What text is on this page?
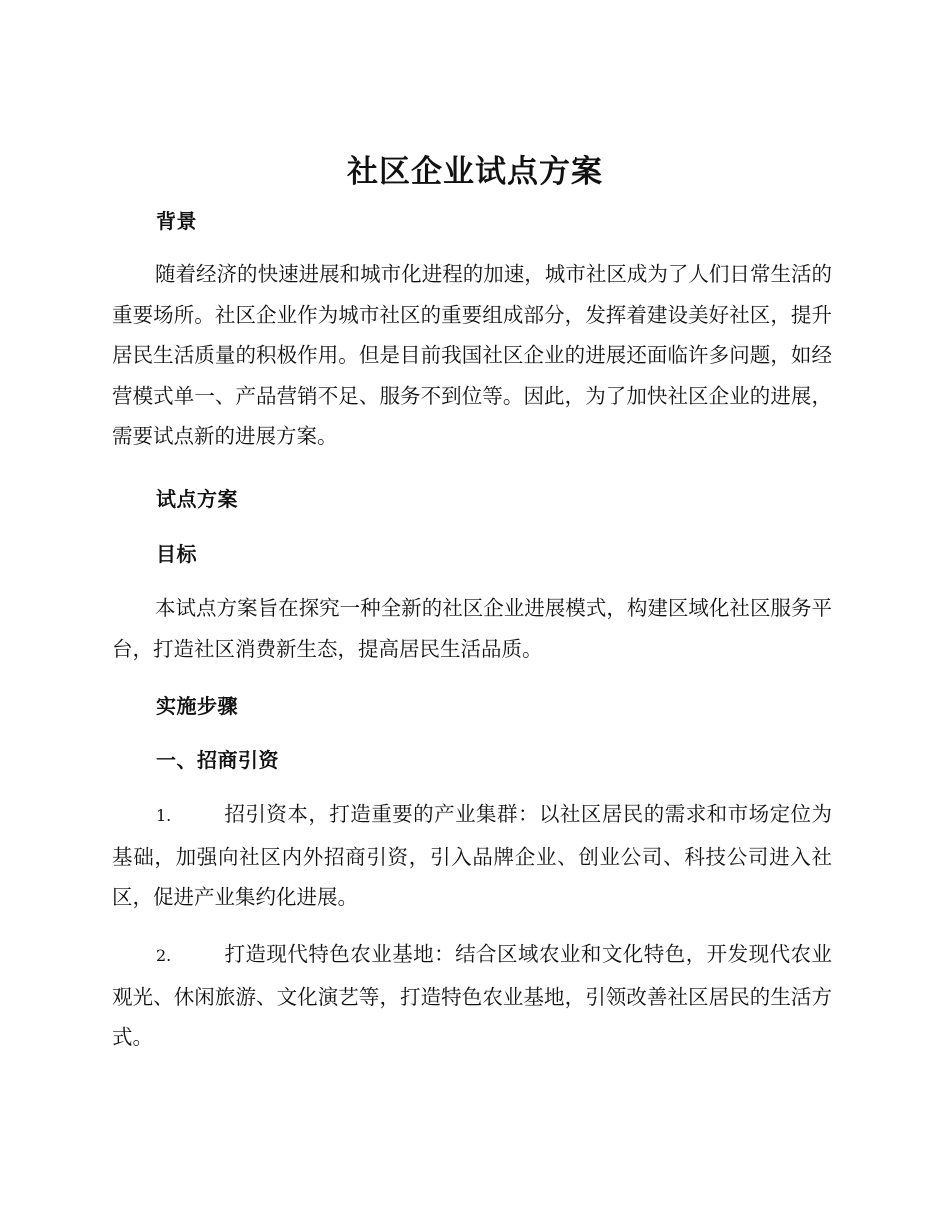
社区企业试点方案
背景

随着经济的快速进展和城市化进程的加速，城市社区成为了人们日常生活的重要场所。社区企业作为城市社区的重要组成部分，发挥着建设美好社区，提升居民生活质量的积极作用。但是目前我国社区企业的进展还面临许多问题，如经营模式单一、产品营销不足、服务不到位等。因此，为了加快社区企业的进展，需要试点新的进展方案。

试点方案
目标

本试点方案旨在探究一种全新的社区企业进展模式，构建区域化社区服务平台，打造社区消费新生态，提高居民生活品质。

实施步骤
一、招商引资

1.	招引资本，打造重要的产业集群：以社区居民的需求和市场定位为基础，加强向社区内外招商引资，引入品牌企业、创业公司、科技公司进入社区，促进产业集约化进展。

2.	打造现代特色农业基地：结合区域农业和文化特色，开发现代农业观光、休闲旅游、文化演艺等，打造特色农业基地，引领改善社区居民的生活方式。
